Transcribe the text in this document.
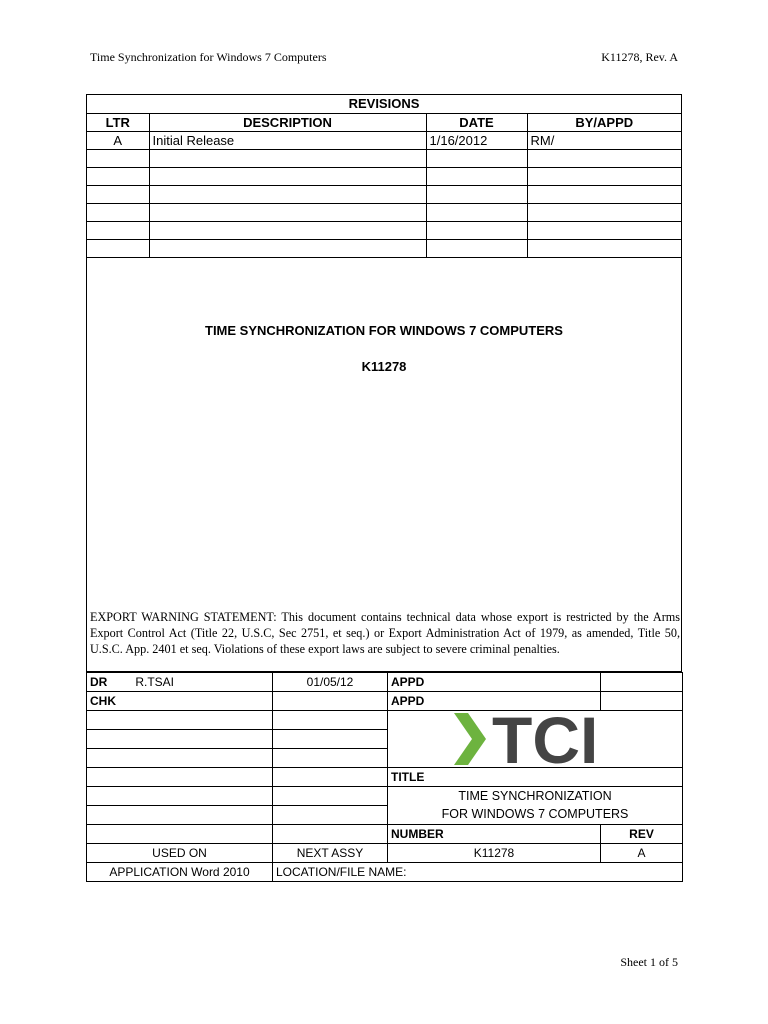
Time Synchronization for Windows 7 Computers	K11278, Rev. A
REVISIONS			
LTR	DESCRIPTION	DATE	BY/APPD
A	Initial Release	1/16/2012	RM/

TIME SYNCHRONIZATION FOR WINDOWS 7 COMPUTERS
K11278
EXPORT WARNING STATEMENT: This document contains technical data whose export is restricted by the Arms Export Control Act (Title 22, U.S.C, Sec 2751, et seq.) or Export Administration Act of 1979, as amended, Title 50, U.S.C. App. 2401 et seq. Violations of these export laws are subject to severe criminal penalties.
DR R.TSAI	01/05/12	APPD	
CHK		APPD	

TCI	

		TITLE	

		TIME SYNCHRONIZATION
FOR WINDOWS 7 COMPUTERS	

		NUMBER	REV
USED ON	NEXT ASSY	K11278	A
APPLICATION Word 2010	LOCATION/FILE NAME:		
Sheet 1 of 5
